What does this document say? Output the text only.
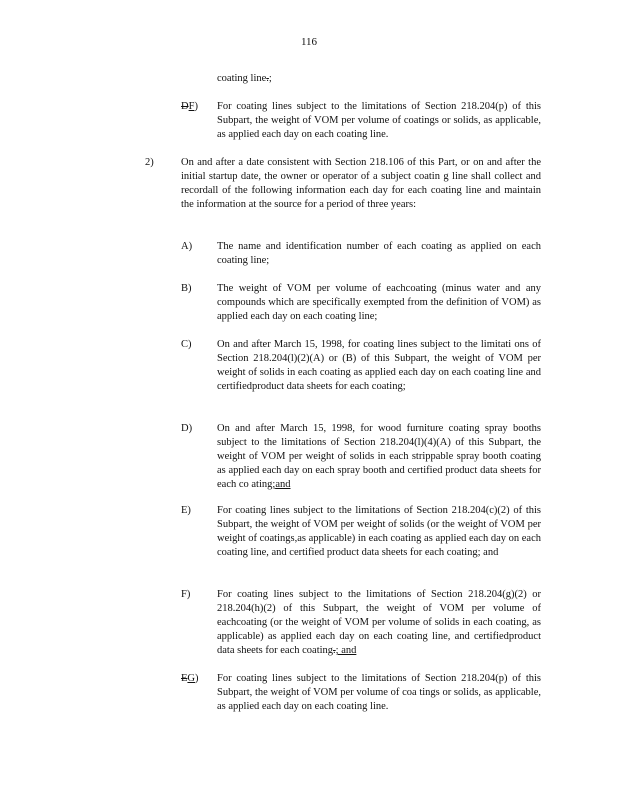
116
coating line.;
DF)	For coating lines subject to the limitations of Section 218.204(p) of this Subpart, the weight of VOM per volume of coatings or solids, as applicable, as applied each day on each coating line.
2)	On and after a date consistent with Section 218.106 of this Part, or on and after the initial startup date, the owner or operator of a subject coatin g line shall collect and recordall of the following information each day for each coating line and maintain the information at the source for a period of three years:
A)	The name and identification number of each coating as applied on each coating line;
B)	The weight of VOM per volume of eachcoating (minus water and any compounds which are specifically exempted from the definition of VOM) as applied each day on each coating line;
C)	On and after March 15, 1998, for coating lines subject to the limitati ons of Section 218.204(l)(2)(A) or (B) of this Subpart, the weight of VOM per weight of solids in each coating as applied each day on each coating line and certifiedproduct data sheets for each coating;
D)	On and after March 15, 1998, for wood furniture coating spray booths subject to the limitations of Section 218.204(l)(4)(A) of this Subpart, the weight of VOM per weight of solids in each strippable spray booth coating as applied each day on each spray booth and certified product data sheets for each co ating;and
E)	For coating lines subject to the limitations of Section 218.204(c)(2) of this Subpart, the weight of VOM per weight of solids (or the weight of VOM per weight of coatings,as applicable) in each coating as applied each day on each coating line, and certified product data sheets for each coating; and
F)	For coating lines subject to the limitations of Section 218.204(g)(2) or 218.204(h)(2) of this Subpart, the weight of VOM per volume of eachcoating (or the weight of VOM per volume of solids in each coating, as applicable) as applied each day on each coating line, and certifiedproduct data sheets for each coating.; and
EG)	For coating lines subject to the limitations of Section 218.204(p) of this Subpart, the weight of VOM per volume of coa tings or solids, as applicable, as applied each day on each coating line.
